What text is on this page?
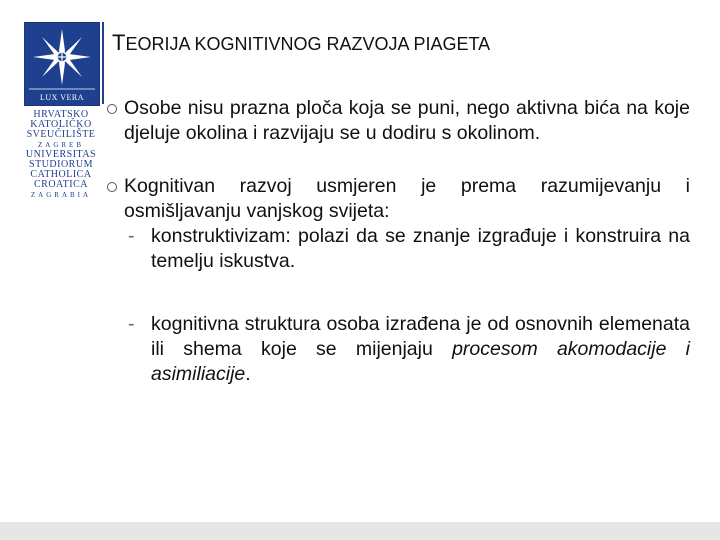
LUX VERA
HRVATSKO
KATOLIČKO
SVEUČILIŠTE
ZAGREB
UNIVERSITAS
STUDIORUM
CATHOLICA
CROATICA
ZAGRABIA
TEORIJA KOGNITIVNOG RAZVOJA PIAGETA
Osobe nisu prazna ploča koja se puni, nego aktivna bića na koje djeluje okolina i razvijaju se u dodiru s okolinom.
Kognitivan razvoj usmjeren je prema razumijevanju i osmišljavanju vanjskog svijeta:
- konstruktivizam: polazi da se znanje izgrađuje i konstruira na temelju iskustva.
- kognitivna struktura osoba izrađena je od osnovnih elemenata ili shema koje se mijenjaju procesom akomodacije i asimiliacije.
